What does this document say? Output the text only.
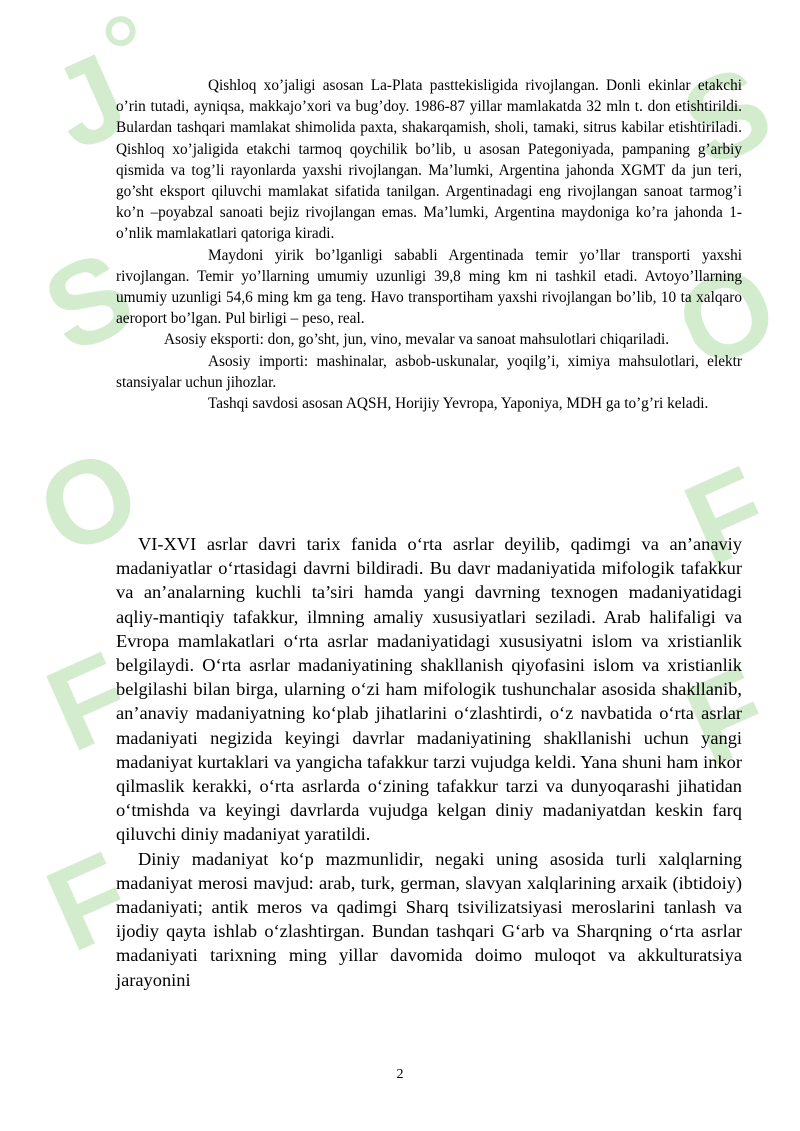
J
S
O
F
F
S
O
F
F

Qishloq xo’jaligi asosan La-Plata pasttekisligida rivojlangan. Donli ekinlar etakchi o’rin tutadi, ayniqsa, makkajo’xori va bug’doy. 1986-87 yillar mamlakatda 32 mln t. don etishtirildi. Bulardan tashqari mamlakat shimolida paxta, shakarqamish, sholi, tamaki, sitrus kabilar etishtiriladi. Qishloq xo’jaligida etakchi tarmoq qoychilik bo’lib, u asosan Pategoniyada, pampaning g’arbiy qismida va tog’li rayonlarda yaxshi rivojlangan. Ma’lumki, Argentina jahonda XGMT da jun teri, go’sht eksport qiluvchi mamlakat sifatida tanilgan. Argentinadagi eng rivojlangan sanoat tarmog’i ko’n –poyabzal sanoati bejiz rivojlangan emas. Ma’lumki, Argentina maydoniga ko’ra jahonda 1-o’nlik mamlakatlari qatoriga kiradi.

Maydoni yirik bo’lganligi sababli Argentinada temir yo’llar transporti yaxshi rivojlangan. Temir yo’llarning umumiy uzunligi 39,8 ming km ni tashkil etadi. Avtoyo’llarning umumiy uzunligi 54,6 ming km ga teng. Havo transportiham yaxshi rivojlangan bo’lib, 10 ta xalqaro aeroport bo’lgan. Pul birligi – peso, real.

Asosiy eksporti: don, go’sht, jun, vino, mevalar va sanoat mahsulotlari chiqariladi.

Asosiy importi: mashinalar, asbob-uskunalar, yoqilg’i, ximiya mahsulotlari, elektr stansiyalar uchun jihozlar.

Tashqi savdosi asosan AQSH, Horijiy Yevropa, Yaponiya, MDH ga to’g’ri keladi.

VI-XVI asrlar davri tarix fanida o‘rta asrlar deyilib, qadimgi va an’anaviy madaniyatlar o‘rtasidagi davrni bildiradi. Bu davr madaniyatida mifologik tafakkur va an’analarning kuchli ta’siri hamda yangi davrning texnogen madaniyatidagi aqliy-mantiqiy tafakkur, ilmning amaliy xususiyatlari seziladi. Arab halifaligi va Evropa mamlakatlari o‘rta asrlar madaniyatidagi xususiyatni islom va xristianlik belgilaydi. O‘rta asrlar madaniyatining shakllanish qiyofasini islom va xristianlik belgilashi bilan birga, ularning o‘zi ham mifologik tushunchalar asosida shakllanib, an’anaviy madaniyatning ko‘plab jihatlarini o‘zlashtirdi, o‘z navbatida o‘rta asrlar madaniyati negizida keyingi davrlar madaniyatining shakllanishi uchun yangi madaniyat kurtaklari va yangicha tafakkur tarzi vujudga keldi. Yana shuni ham inkor qilmaslik kerakki, o‘rta asrlarda o‘zining tafakkur tarzi va dunyoqarashi jihatidan o‘tmishda va keyingi davrlarda vujudga kelgan diniy madaniyatdan keskin farq qiluvchi diniy madaniyat yaratildi.

Diniy madaniyat ko‘p mazmunlidir, negaki uning asosida turli xalqlarning madaniyat merosi mavjud: arab, turk, german, slavyan xalqlarining arxaik (ibtidoiy) madaniyati; antik meros va qadimgi Sharq tsivilizatsiyasi meroslarini tanlash va ijodiy qayta ishlab o‘zlashtirgan. Bundan tashqari G‘arb va Sharqning o‘rta asrlar madaniyati tarixning ming yillar davomida doimo muloqot va akkulturatsiya jarayonini

2
